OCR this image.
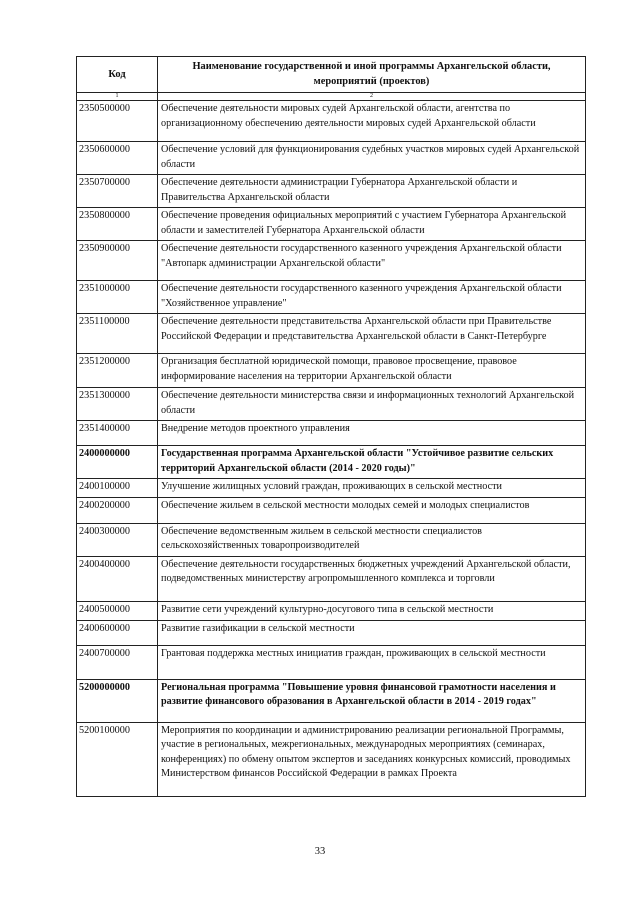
Код	Наименование государственной и иной программы Архангельской области, мероприятий (проектов)
1	2
2350500000	Обеспечение деятельности мировых судей Архангельской области, агентства по организационному обеспечению деятельности мировых судей Архангельской области
2350600000	Обеспечение условий для функционирования судебных участков мировых судей Архангельской области
2350700000	Обеспечение деятельности администрации Губернатора Архангельской области и Правительства Архангельской области
2350800000	Обеспечение проведения официальных мероприятий с участием Губернатора Архангельской области и заместителей Губернатора Архангельской области
2350900000	Обеспечение деятельности государственного казенного учреждения Архангельской области "Автопарк администрации Архангельской области"
2351000000	Обеспечение деятельности государственного казенного учреждения Архангельской области "Хозяйственное управление"
2351100000	Обеспечение деятельности представительства Архангельской области при Правительстве Российской Федерации и представительства Архангельской области в Санкт-Петербурге
2351200000	Организация бесплатной юридической помощи, правовое просвещение, правовое информирование населения на территории Архангельской области
2351300000	Обеспечение деятельности министерства связи и информационных технологий Архангельской области
2351400000	Внедрение методов проектного управления
2400000000	Государственная программа Архангельской области "Устойчивое развитие сельских территорий Архангельской области (2014 - 2020 годы)"
2400100000	Улучшение жилищных условий граждан, проживающих в сельской местности
2400200000	Обеспечение жильем в сельской местности молодых семей и молодых специалистов
2400300000	Обеспечение ведомственным жильем в сельской местности специалистов сельскохозяйственных товаропроизводителей
2400400000	Обеспечение деятельности государственных бюджетных учреждений Архангельской области, подведомственных министерству агропромышленного комплекса и торговли
2400500000	Развитие сети учреждений культурно-досугового типа в сельской местности
2400600000	Развитие газификации в сельской местности
2400700000	Грантовая поддержка местных инициатив граждан, проживающих в сельской местности
5200000000	Региональная программа "Повышение уровня финансовой грамотности населения и развитие финансового образования в Архангельской области в 2014 - 2019 годах"
5200100000	Мероприятия по координации и администрированию реализации региональной Программы, участие в региональных, межрегиональных, международных мероприятиях (семинарах, конференциях) по обмену опытом экспертов и заседаниях конкурсных комиссий, проводимых Министерством финансов Российской Федерации в рамках Проекта
33
